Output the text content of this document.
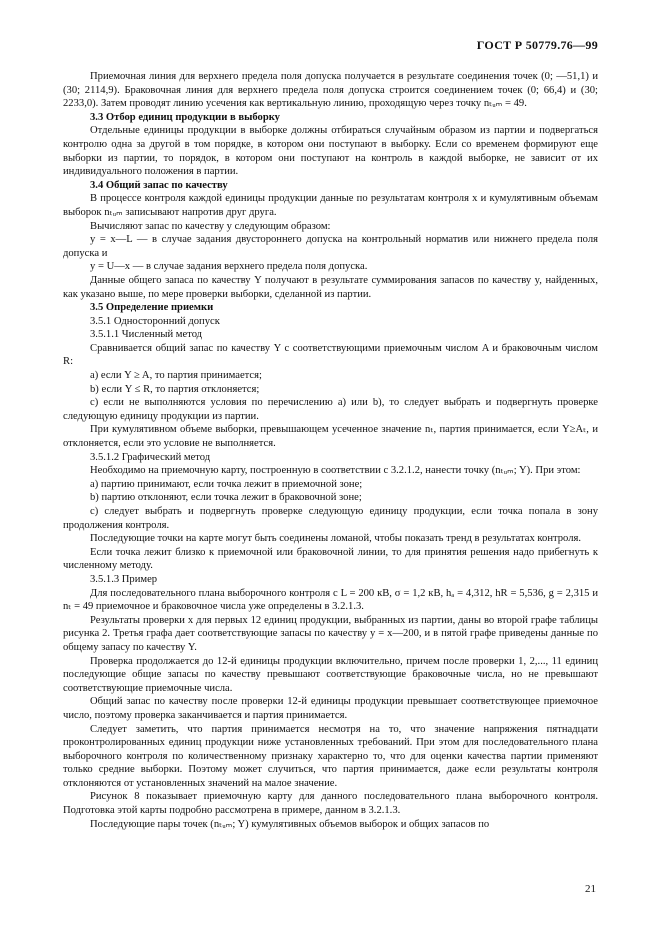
ГОСТ Р 50779.76—99

Приемочная линия для верхнего предела поля допуска получается в результате соединения точек (0; —51,1) и (30; 2114,9). Браковочная линия для верхнего предела поля допуска строится соединением точек (0; 66,4) и (30; 2233,0). Затем проводят линию усечения как вертикальную линию, проходящую через точку nₜᵤₘ = 49.

3.3 Отбор единиц продукции в выборку

Отдельные единицы продукции в выборке должны отбираться случайным образом из партии и подвергаться контролю одна за другой в том порядке, в котором они поступают в выборку. Если со временем формируют еще выборки из партии, то порядок, в котором они поступают на контроль в каждой выборке, не зависит от их индивидуального положения в партии.

3.4 Общий запас по качеству

В процессе контроля каждой единицы продукции данные по результатам контроля x и кумулятивным объемам выборок nₜᵤₘ записывают напротив друг друга.

Вычисляют запас по качеству y следующим образом:

y = x—L — в случае задания двустороннего допуска на контрольный норматив или нижнего предела поля допуска и

y = U—x — в случае задания верхнего предела поля допуска.

Данные общего запаса по качеству Y получают в результате суммирования запасов по качеству y, найденных, как указано выше, по мере проверки выборки, сделанной из партии.

3.5 Определение приемки

3.5.1 Односторонний допуск

3.5.1.1 Численный метод

Сравнивается общий запас по качеству Y с соответствующими приемочным числом A и браковочным числом R:

a) если Y ≥ A, то партия принимается;

b) если Y ≤ R, то партия отклоняется;

c) если не выполняются условия по перечислению a) или b), то следует выбрать и подвергнуть проверке следующую единицу продукции из партии.

При кумулятивном объеме выборки, превышающем усеченное значение nₜ, партия принимается, если Y≥Aₜ, и отклоняется, если это условие не выполняется.

3.5.1.2 Графический метод

Необходимо на приемочную карту, построенную в соответствии с 3.2.1.2, нанести точку (nₜᵤₘ; Y). При этом:

a) партию принимают, если точка лежит в приемочной зоне;

b) партию отклоняют, если точка лежит в браковочной зоне;

c) следует выбрать и подвергнуть проверке следующую единицу продукции, если точка попала в зону продолжения контроля.

Последующие точки на карте могут быть соединены ломаной, чтобы показать тренд в результатах контроля.

Если точка лежит близко к приемочной или браковочной линии, то для принятия решения надо прибегнуть к численному методу.

3.5.1.3 Пример

Для последовательного плана выборочного контроля с L = 200 кВ, σ = 1,2 кВ, hₐ = 4,312, hR = 5,536, g = 2,315 и nₜ = 49 приемочное и браковочное числа уже определены в 3.2.1.3.

Результаты проверки x для первых 12 единиц продукции, выбранных из партии, даны во второй графе таблицы рисунка 2. Третья графа дает соответствующие запасы по качеству y = x—200, и в пятой графе приведены данные по общему запасу по качеству Y.

Проверка продолжается до 12-й единицы продукции включительно, причем после проверки 1, 2,..., 11 единиц последующие общие запасы по качеству превышают соответствующие браковочные числа, но не превышают соответствующие приемочные числа.

Общий запас по качеству после проверки 12-й единицы продукции превышает соответствующее приемочное число, поэтому проверка заканчивается и партия принимается.

Следует заметить, что партия принимается несмотря на то, что значение напряжения пятнадцати проконтролированных единиц продукции ниже установленных требований. При этом для последовательного плана выборочного контроля по количественному признаку характерно то, что для оценки качества партии применяют только средние выборки. Поэтому может случиться, что партия принимается, даже если результаты контроля отклоняются от установленных значений на малое значение.

Рисунок 8 показывает приемочную карту для данного последовательного плана выборочного контроля. Подготовка этой карты подробно рассмотрена в примере, данном в 3.2.1.3.

Последующие пары точек (nₜᵤₘ; Y) кумулятивных объемов выборок и общих запасов по

21
